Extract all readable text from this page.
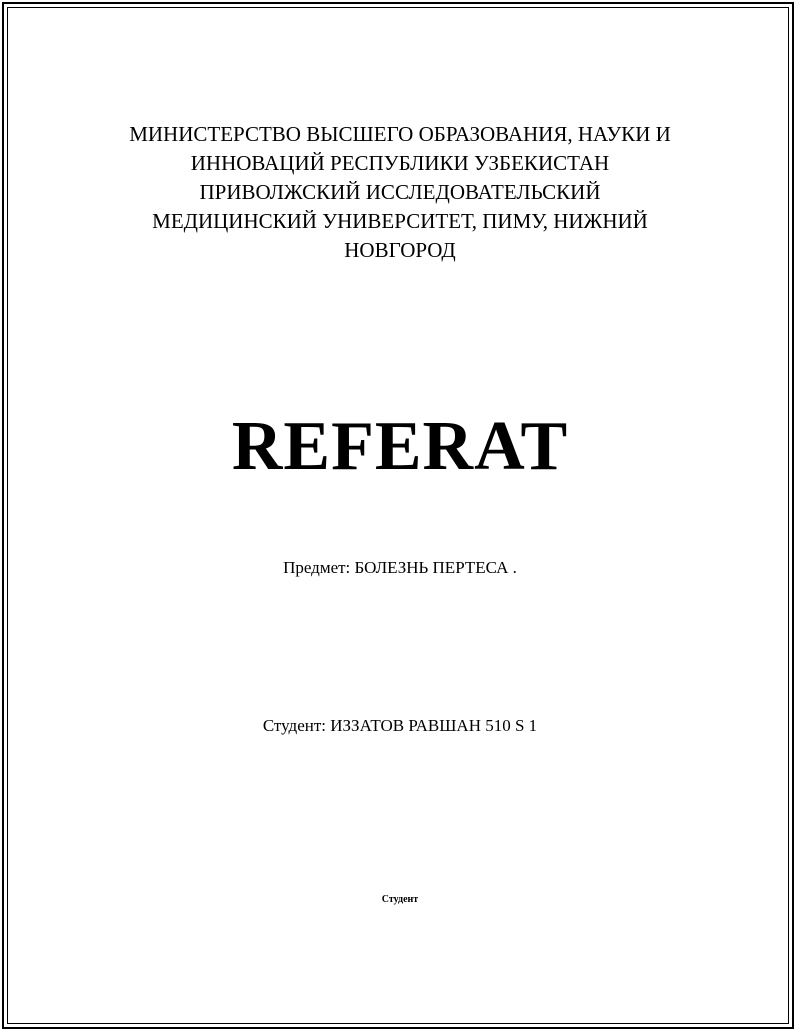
МИНИСТЕРСТВО ВЫСШЕГО ОБРАЗОВАНИЯ, НАУКИ И
ИННОВАЦИЙ РЕСПУБЛИКИ УЗБЕКИСТАН
ПРИВОЛЖСКИЙ ИССЛЕДОВАТЕЛЬСКИЙ
МЕДИЦИНСКИЙ УНИВЕРСИТЕТ, ПИМУ, НИЖНИЙ
НОВГОРОД
REFERAT
Предмет: БОЛЕЗНЬ ПЕРТЕСА .
Студент: ИЗЗАТОВ РАВШАН 510 S 1
Студент
